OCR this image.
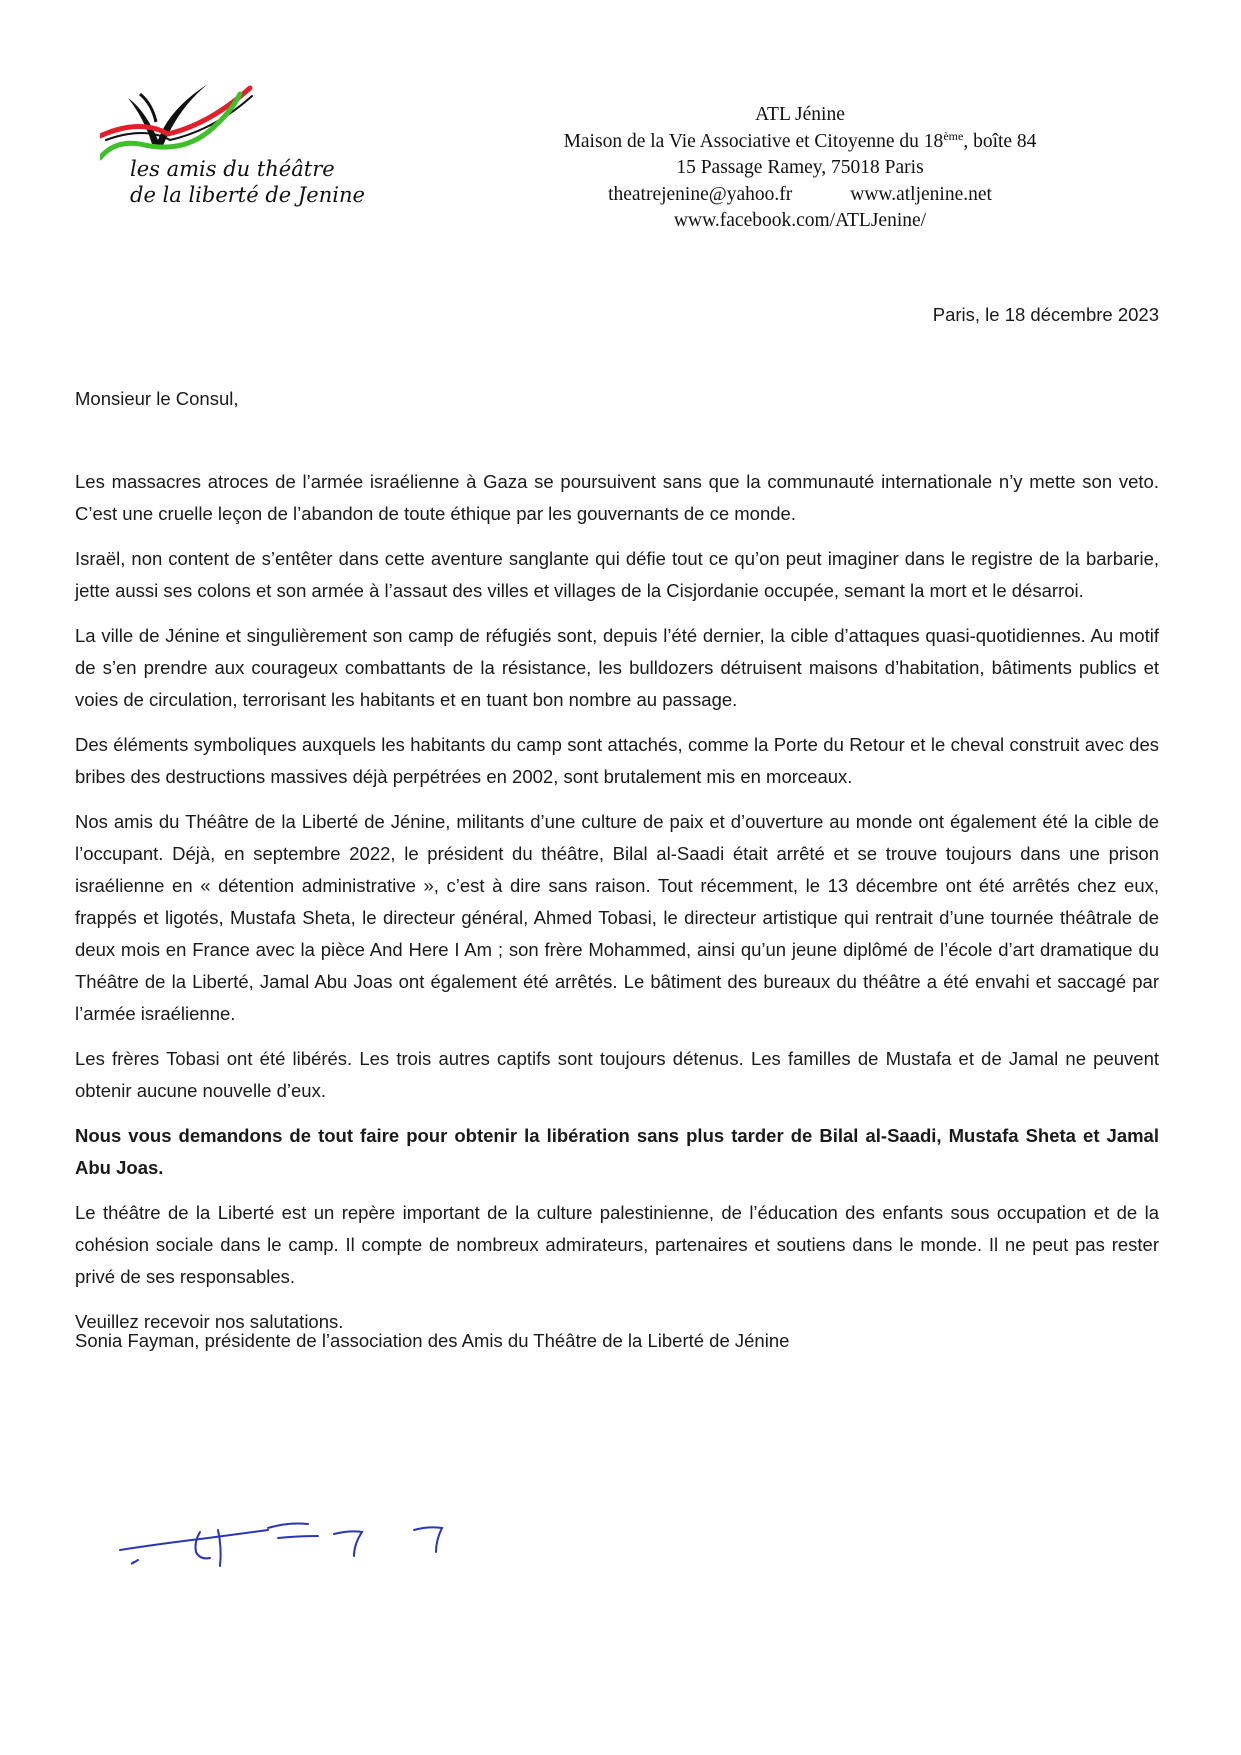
les amis du théâtre
de la liberté de Jenine
ATL Jénine
Maison de la Vie Associative et Citoyenne du 18ème, boîte 84
15 Passage Ramey, 75018 Paris
theatrejenine@yahoo.fr	www.atljenine.net
www.facebook.com/ATLJenine/
Paris, le 18 décembre 2023
Monsieur le Consul,

Les massacres atroces de l’armée israélienne à Gaza se poursuivent sans que la communauté internationale n’y mette son veto. C’est une cruelle leçon de l’abandon de toute éthique par les gouvernants de ce monde.

Israël, non content de s’entêter dans cette aventure sanglante qui défie tout ce qu’on peut imaginer dans le registre de la barbarie, jette aussi ses colons et son armée à l’assaut des villes et villages de la Cisjordanie occupée, semant la mort et le désarroi.

La ville de Jénine et singulièrement son camp de réfugiés sont, depuis l’été dernier, la cible d’attaques quasi-quotidiennes. Au motif de s’en prendre aux courageux combattants de la résistance, les bulldozers détruisent maisons d’habitation, bâtiments publics et voies de circulation, terrorisant les habitants et en tuant bon nombre au passage.

Des éléments symboliques auxquels les habitants du camp sont attachés, comme la Porte du Retour et le cheval construit avec des bribes des destructions massives déjà perpétrées en 2002, sont brutalement mis en morceaux.

Nos amis du Théâtre de la Liberté de Jénine, militants d’une culture de paix et d’ouverture au monde ont également été la cible de l’occupant. Déjà, en septembre 2022, le président du théâtre, Bilal al-Saadi était arrêté et se trouve toujours dans une prison israélienne en « détention administrative », c’est à dire sans raison. Tout récemment, le 13 décembre ont été arrêtés chez eux, frappés et ligotés, Mustafa Sheta, le directeur général, Ahmed Tobasi, le directeur artistique qui rentrait d’une tournée théâtrale de deux mois en France avec la pièce And Here I Am ; son frère Mohammed, ainsi qu’un jeune diplômé de l’école d’art dramatique du Théâtre de la Liberté, Jamal Abu Joas ont également été arrêtés. Le bâtiment des bureaux du théâtre a été envahi et saccagé par l’armée israélienne.

Les frères Tobasi ont été libérés. Les trois autres captifs sont toujours détenus. Les familles de Mustafa et de Jamal ne peuvent obtenir aucune nouvelle d’eux.

Nous vous demandons de tout faire pour obtenir la libération sans plus tarder de Bilal al-Saadi, Mustafa Sheta et Jamal Abu Joas.

Le théâtre de la Liberté est un repère important de la culture palestinienne, de l’éducation des enfants sous occupation et de la cohésion sociale dans le camp. Il compte de nombreux admirateurs, partenaires et soutiens dans le monde. Il ne peut pas rester privé de ses responsables.

Veuillez recevoir nos salutations.

Sonia Fayman, présidente de l’association des Amis du Théâtre de la Liberté de Jénine
